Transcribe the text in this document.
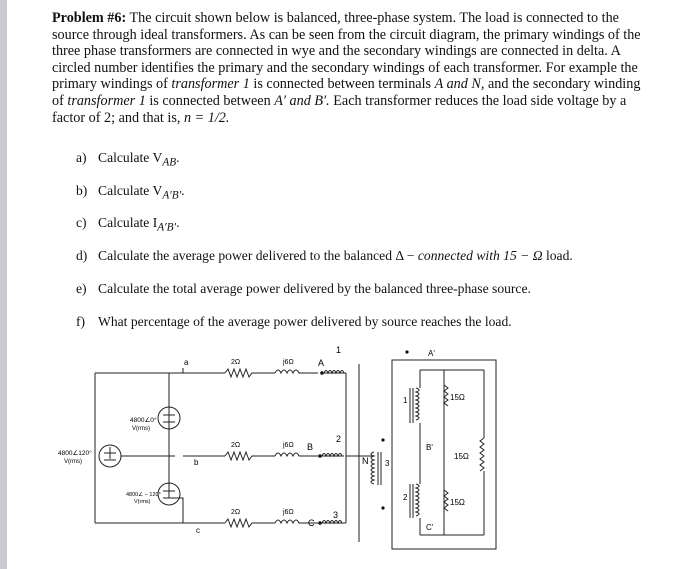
Problem #6: The circuit shown below is balanced, three-phase system. The load is connected to the source through ideal transformers. As can be seen from the circuit diagram, the primary windings of the three phase transformers are connected in wye and the secondary windings are connected in delta. A circled number identifies the primary and the secondary windings of each transformer. For example the primary windings of transformer 1 is connected between terminals A and N, and the secondary winding of transformer 1 is connected between A′ and B′. Each transformer reduces the load side voltage by a factor of 2; and that is, n = 1/2.
a) Calculate $V_{AB}$.
b) Calculate $V_{A'B'}$.
c) Calculate $I_{A'B'}$.
d) Calculate the average power delivered to the balanced Δ − connected with 15 − Ω load.
e) Calculate the total average power delivered by the balanced three-phase source.
f) What percentage of the average power delivered by source reaches the load.
4800∠0°
V(rms)
4800∠120°
V(rms)
4800∠ − 120°
V(rms)
a
b
c
2Ω
2Ω
2Ω
j6Ω
j6Ω
j6Ω
A
B
C
1
2
3
N
1
3
2
A'
B'
C'
15Ω
15Ω
15Ω
